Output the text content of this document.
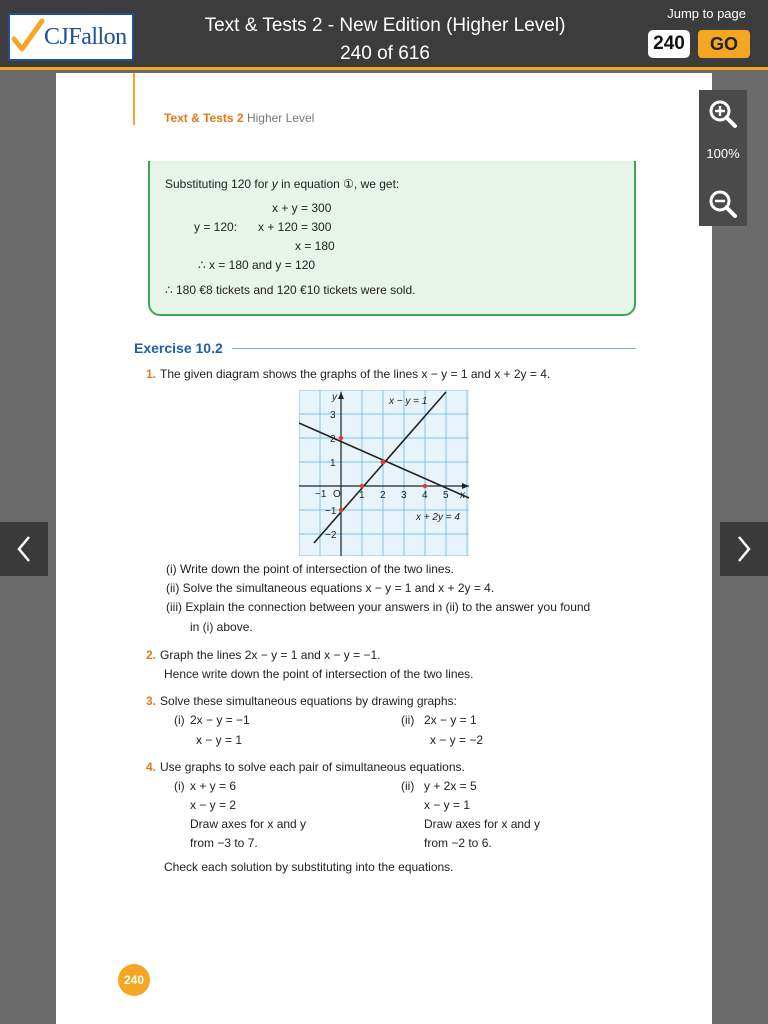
CJFallon	Text & Tests 2 - New Edition (Higher Level)
240 of 616
Jump to page
240	GO
Text & Tests 2 Higher Level
Substituting 120 for y in equation ①, we get:
x + y = 300
y = 120: x + 120 = 300
x = 180
∴ x = 180 and y = 120
∴ 180 €8 tickets and 120 €10 tickets were sold.
Exercise 10.2
1. The given diagram shows the graphs of the lines x − y = 1 and x + 2y = 4.
y
x
O
3
2
1
−1
−2
−1	1 2 3 4 5
x − y = 1
x + 2y = 4
(i) Write down the point of intersection of the two lines.
(ii) Solve the simultaneous equations x − y = 1 and x + 2y = 4.
(iii) Explain the connection between your answers in (ii) to the answer you found
in (i) above.
2. Graph the lines 2x − y = 1 and x − y = −1.
Hence write down the point of intersection of the two lines.
3. Solve these simultaneous equations by drawing graphs:
(i) 2x − y = −1
x − y = 1
(ii) 2x − y = 1
x − y = −2
4. Use graphs to solve each pair of simultaneous equations.
(i) x + y = 6
x − y = 2
Draw axes for x and y
from −3 to 7.
(ii) y + 2x = 5
x − y = 1
Draw axes for x and y
from −2 to 6.
Check each solution by substituting into the equations.
240
100%
